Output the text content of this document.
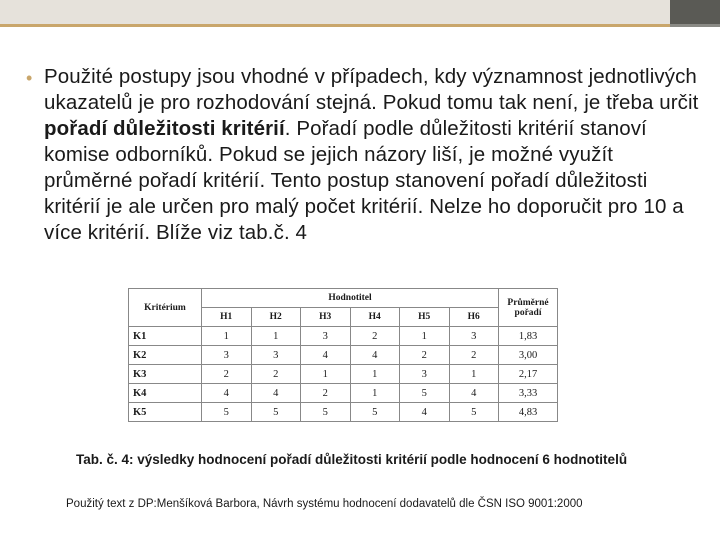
• Použité postupy jsou vhodné v případech, kdy významnost jednotlivých ukazatelů je pro rozhodování stejná. Pokud tomu tak není, je třeba určit pořadí důležitosti kritérií. Pořadí podle důležitosti kritérií stanoví komise odborníků. Pokud se jejich názory liší, je možné využít průměrné pořadí kritérií. Tento postup stanovení pořadí důležitosti kritérií je ale určen pro malý počet kritérií. Nelze ho doporučit pro 10 a více kritérií. Blíže viz tab.č. 4
Kritérium	Hodnotitel						Průměrné pořadí
	H1	H2	H3	H4	H5	H6	
K1	1	1	3	2	1	3	1,83
K2	3	3	4	4	2	2	3,00
K3	2	2	1	1	3	1	2,17
K4	4	4	2	1	5	4	3,33
K5	5	5	5	5	4	5	4,83
Tab. č. 4: výsledky hodnocení pořadí důležitosti kritérií podle hodnocení 6 hodnotitelů
Použitý text z DP:Menšíková Barbora, Návrh systému hodnocení dodavatelů dle ČSN ISO 9001:2000
